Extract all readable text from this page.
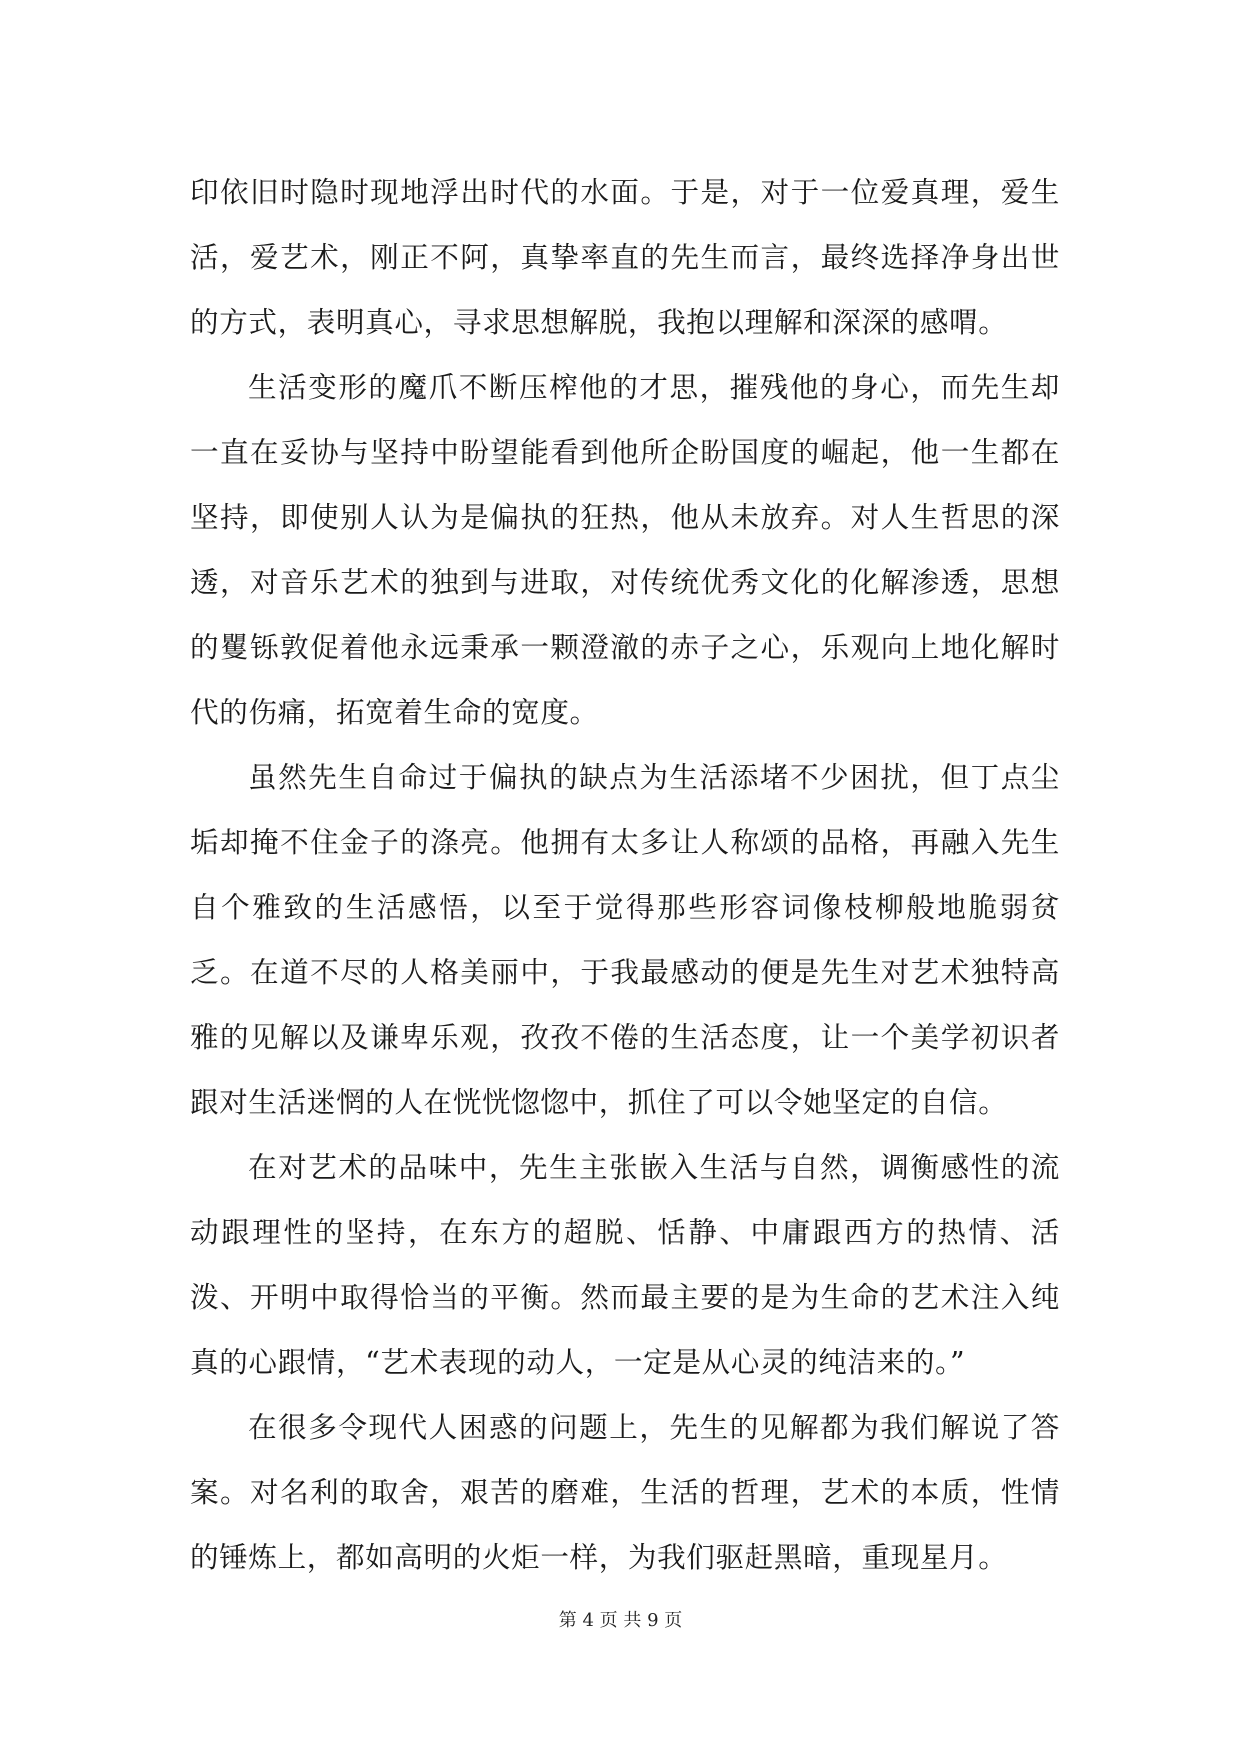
印依旧时隐时现地浮出时代的水面。于是，对于一位爱真理，爱生活，爱艺术，刚正不阿，真挚率直的先生而言，最终选择净身出世的方式，表明真心，寻求思想解脱，我抱以理解和深深的感喟。

生活变形的魔爪不断压榨他的才思，摧残他的身心，而先生却一直在妥协与坚持中盼望能看到他所企盼国度的崛起，他一生都在坚持，即使别人认为是偏执的狂热，他从未放弃。对人生哲思的深透，对音乐艺术的独到与进取，对传统优秀文化的化解渗透，思想的矍铄敦促着他永远秉承一颗澄澈的赤子之心，乐观向上地化解时代的伤痛，拓宽着生命的宽度。

虽然先生自命过于偏执的缺点为生活添堵不少困扰，但丁点尘垢却掩不住金子的涤亮。他拥有太多让人称颂的品格，再融入先生自个雅致的生活感悟，以至于觉得那些形容词像枝柳般地脆弱贫乏。在道不尽的人格美丽中，于我最感动的便是先生对艺术独特高雅的见解以及谦卑乐观，孜孜不倦的生活态度，让一个美学初识者跟对生活迷惘的人在恍恍惚惚中，抓住了可以令她坚定的自信。

在对艺术的品味中，先生主张嵌入生活与自然，调衡感性的流动跟理性的坚持，在东方的超脱、恬静、中庸跟西方的热情、活泼、开明中取得恰当的平衡。然而最主要的是为生命的艺术注入纯真的心跟情，“艺术表现的动人，一定是从心灵的纯洁来的。”

在很多令现代人困惑的问题上，先生的见解都为我们解说了答案。对名利的取舍，艰苦的磨难，生活的哲理，艺术的本质，性情的锤炼上，都如高明的火炬一样，为我们驱赶黑暗，重现星月。

第 4 页 共 9 页
